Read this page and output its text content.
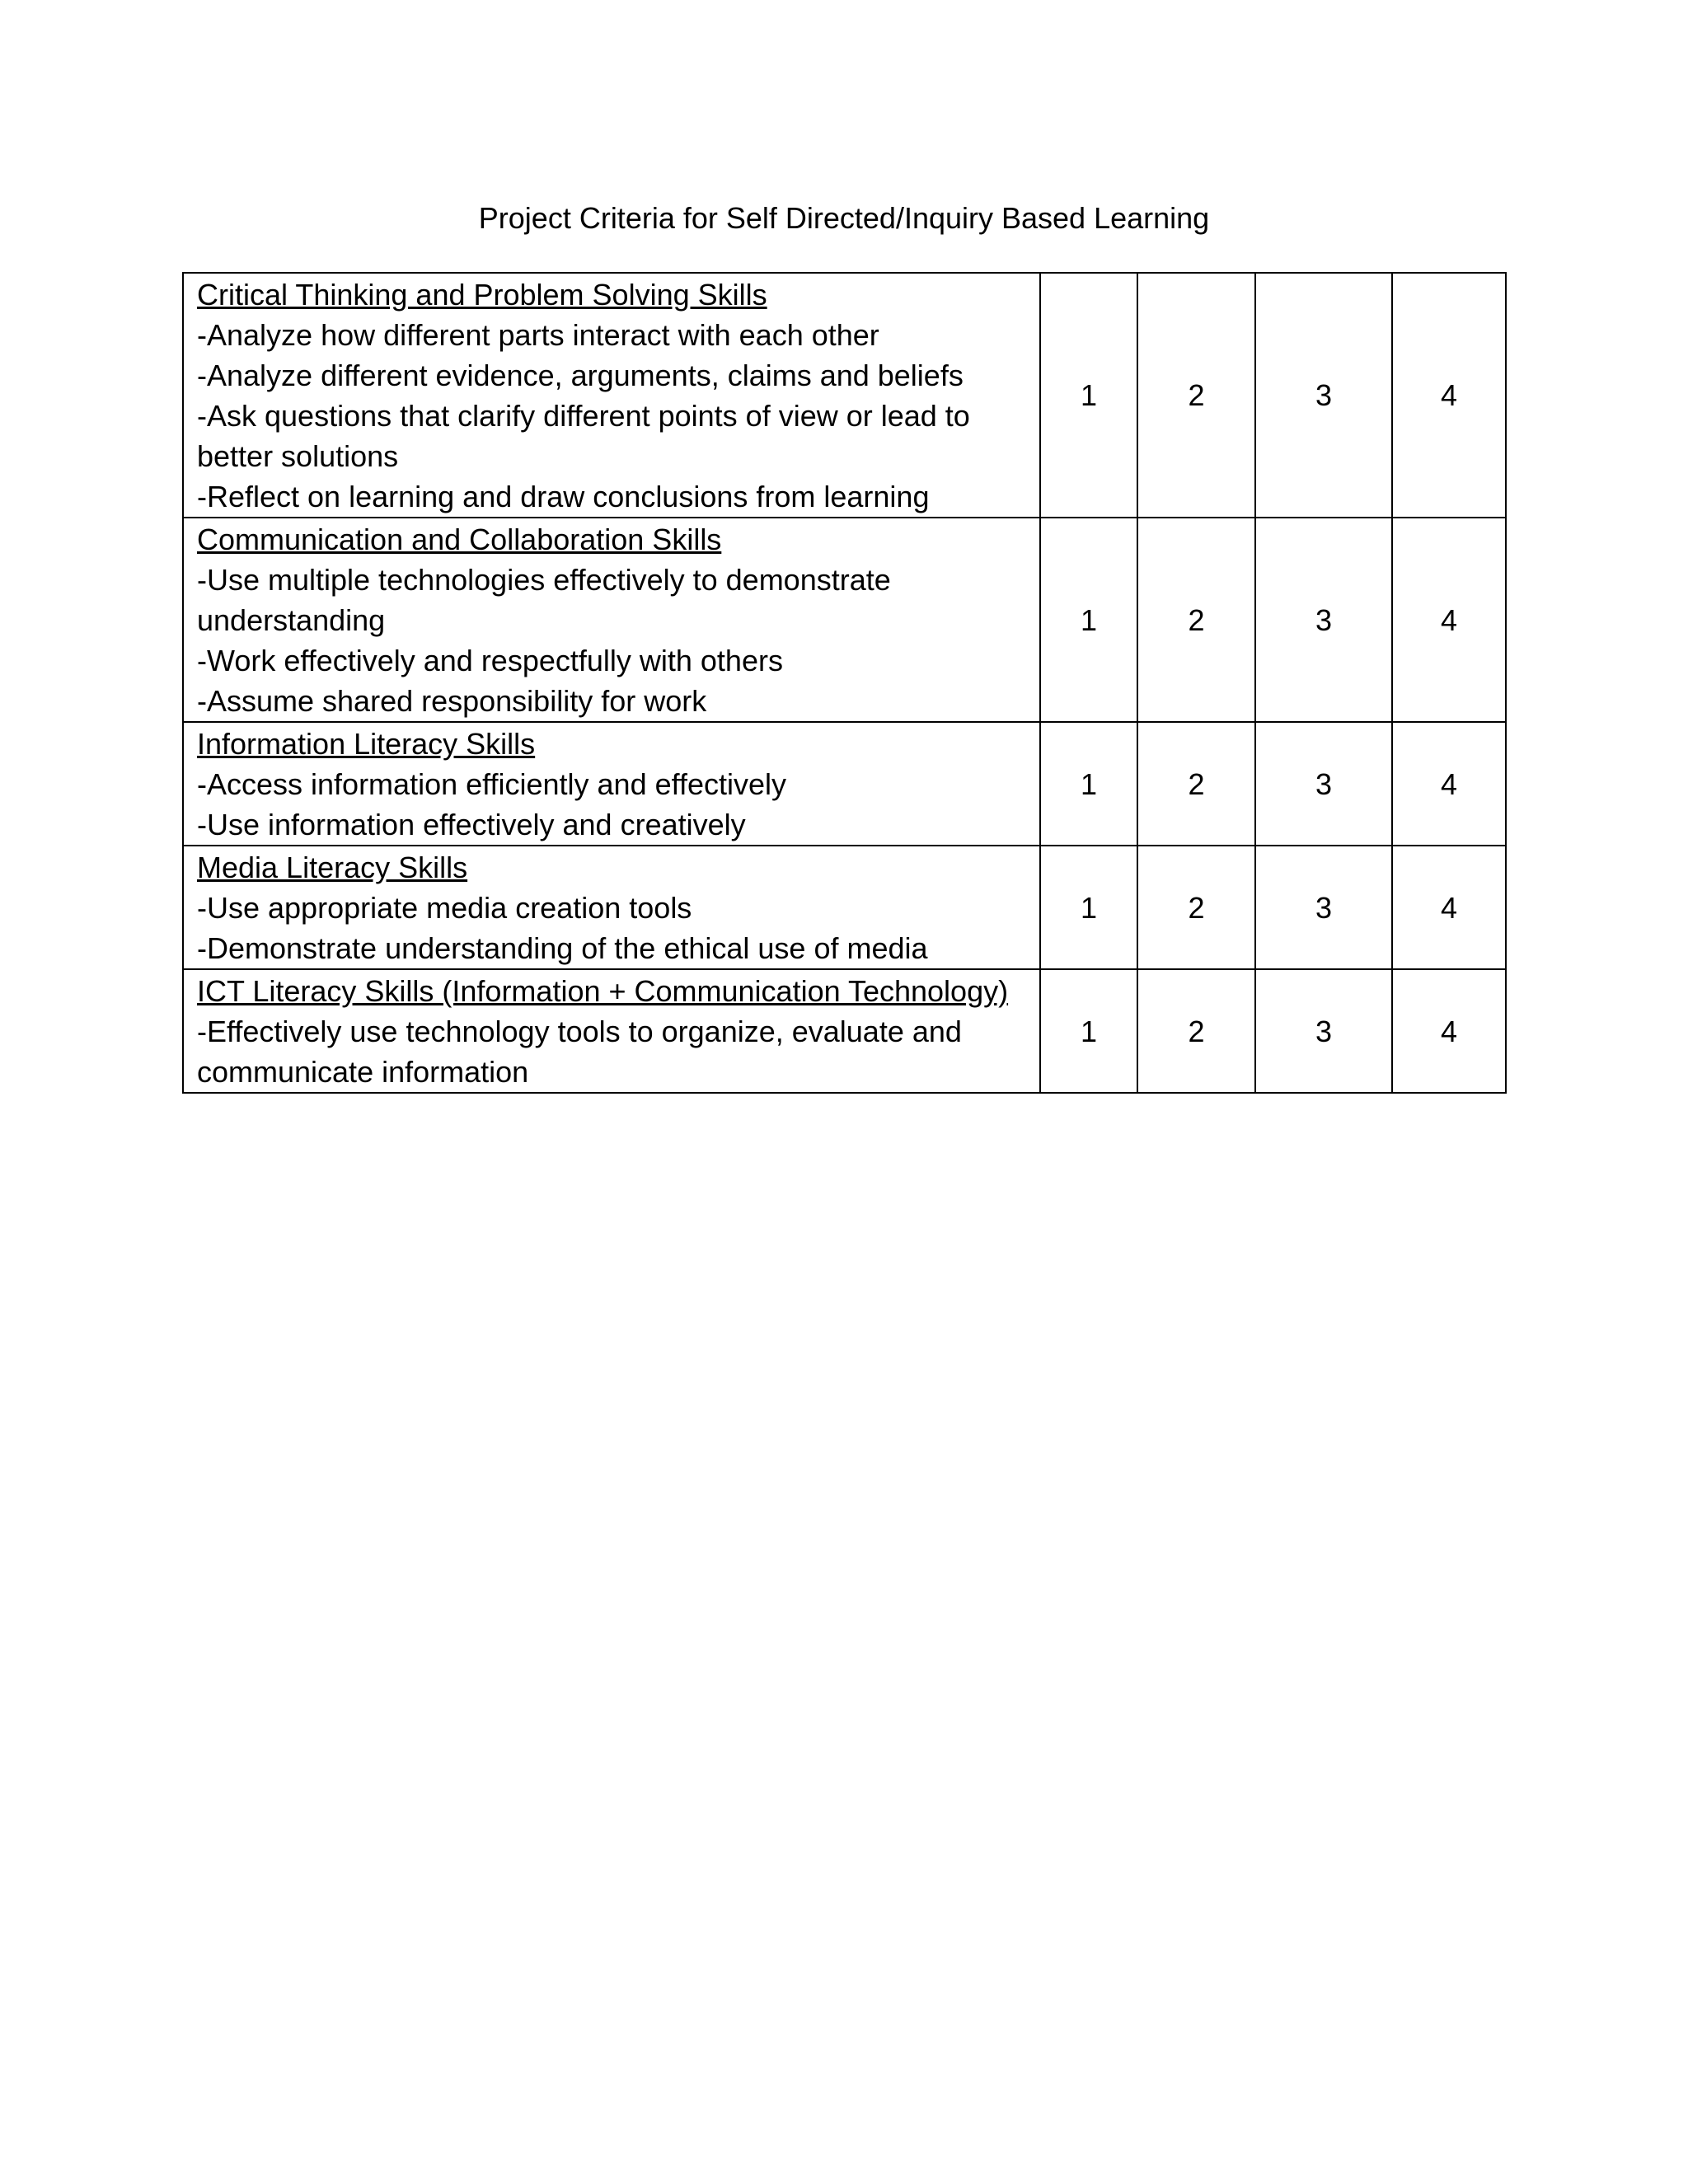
Project Criteria for Self Directed/Inquiry Based Learning
Critical Thinking and Problem Solving Skills
-Analyze how different parts interact with each other
-Analyze different evidence, arguments, claims and beliefs
-Ask questions that clarify different points of view or lead to better solutions
-Reflect on learning and draw conclusions from learning	1	2	3	4

Communication and Collaboration Skills
-Use multiple technologies effectively to demonstrate understanding
-Work effectively and respectfully with others
-Assume shared responsibility for work	1	2	3	4

Information Literacy Skills
-Access information efficiently and effectively
-Use information effectively and creatively	1	2	3	4

Media Literacy Skills
-Use appropriate media creation tools
-Demonstrate understanding of the ethical use of media	1	2	3	4

ICT Literacy Skills (Information + Communication Technology)
-Effectively use technology tools to organize, evaluate and communicate information	1	2	3	4
